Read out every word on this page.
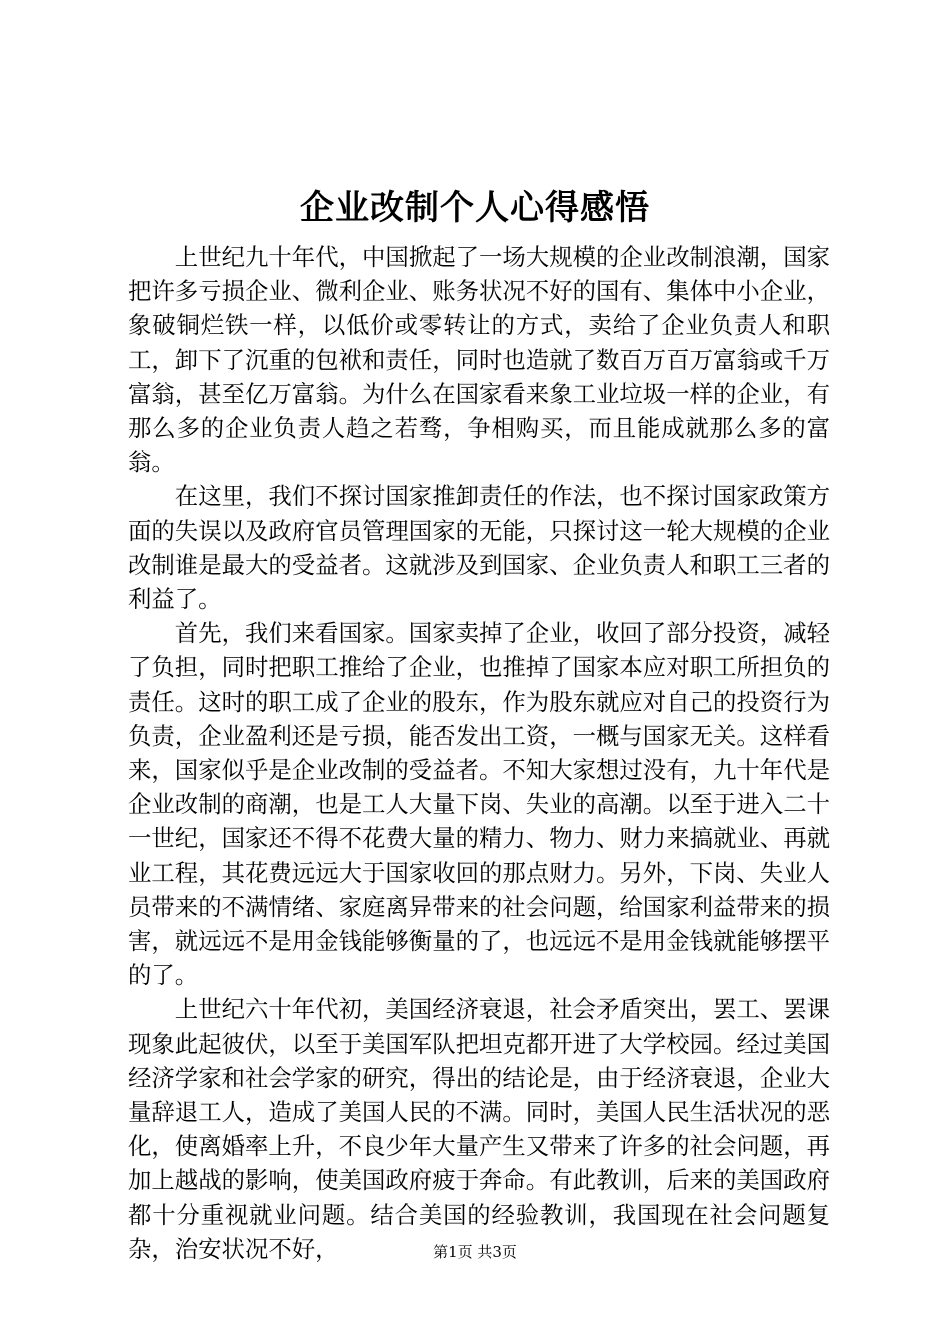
企业改制个人心得感悟

上世纪九十年代，中国掀起了一场大规模的企业改制浪潮，国家把许多亏损企业、微利企业、账务状况不好的国有、集体中小企业，象破铜烂铁一样，以低价或零转让的方式，卖给了企业负责人和职工，卸下了沉重的包袱和责任，同时也造就了数百万百万富翁或千万富翁，甚至亿万富翁。为什么在国家看来象工业垃圾一样的企业，有那么多的企业负责人趋之若骛，争相购买，而且能成就那么多的富翁。

在这里，我们不探讨国家推卸责任的作法，也不探讨国家政策方面的失误以及政府官员管理国家的无能，只探讨这一轮大规模的企业改制谁是最大的受益者。这就涉及到国家、企业负责人和职工三者的利益了。

首先，我们来看国家。国家卖掉了企业，收回了部分投资，减轻了负担，同时把职工推给了企业，也推掉了国家本应对职工所担负的责任。这时的职工成了企业的股东，作为股东就应对自己的投资行为负责，企业盈利还是亏损，能否发出工资，一概与国家无关。这样看来，国家似乎是企业改制的受益者。不知大家想过没有，九十年代是企业改制的商潮，也是工人大量下岗、失业的高潮。以至于进入二十一世纪，国家还不得不花费大量的精力、物力、财力来搞就业、再就业工程，其花费远远大于国家收回的那点财力。另外，下岗、失业人员带来的不满情绪、家庭离异带来的社会问题，给国家利益带来的损害，就远远不是用金钱能够衡量的了，也远远不是用金钱就能够摆平的了。

上世纪六十年代初，美国经济衰退，社会矛盾突出，罢工、罢课现象此起彼伏，以至于美国军队把坦克都开进了大学校园。经过美国经济学家和社会学家的研究，得出的结论是，由于经济衰退，企业大量辞退工人，造成了美国人民的不满。同时，美国人民生活状况的恶化，使离婚率上升，不良少年大量产生又带来了许多的社会问题，再加上越战的影响，使美国政府疲于奔命。有此教训，后来的美国政府都十分重视就业问题。结合美国的经验教训，我国现在社会问题复杂，治安状况不好，	第1页 共3页
